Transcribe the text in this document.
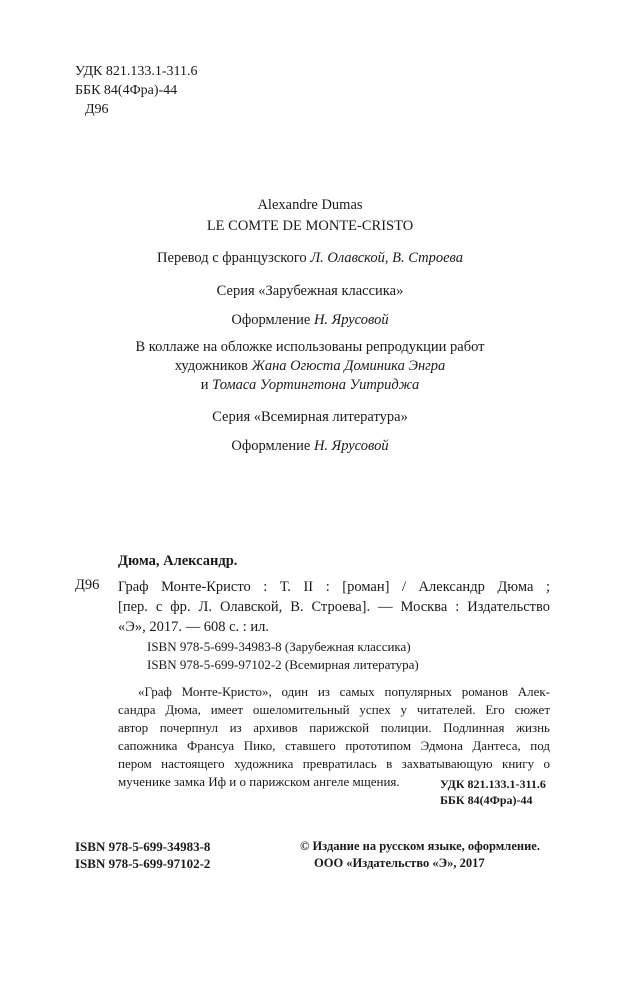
УДК 821.133.1-311.6
ББК 84(4Фра)-44
Д96
Alexandre Dumas
LE COMTE DE MONTE-CRISTO
Перевод с французского Л. Олавской, В. Строева
Серия «Зарубежная классика»
Оформление Н. Ярусовой
В коллаже на обложке использованы репродукции работ
художников Жана Огюста Доминика Энгра
и Томаса Уортингтона Уитриджа
Серия «Всемирная литература»
Оформление Н. Ярусовой
Дюма, Александр.
Д96 Граф Монте-Кристо : Т. II : [роман] / Александр Дюма ;
[пер. с фр. Л. Олавской, В. Строева]. — Москва : Издательство
«Э», 2017. — 608 с. : ил.
ISBN 978-5-699-34983-8 (Зарубежная классика)
ISBN 978-5-699-97102-2 (Всемирная литература)
«Граф Монте-Кристо», один из самых популярных романов Алек-
сандра Дюма, имеет ошеломительный успех у читателей. Его сюжет
автор почерпнул из архивов парижской полиции. Подлинная жизнь
сапожника Франсуа Пико, ставшего прототипом Эдмона Дантеса, под
пером настоящего художника превратилась в захватывающую книгу о
мученике замка Иф и о парижском ангеле мщения.	УДК 821.133.1-311.6
ББК 84(4Фра)-44
ISBN 978-5-699-34983-8
ISBN 978-5-699-97102-2
© Издание на русском языке, оформление.
ООО «Издательство «Э», 2017
